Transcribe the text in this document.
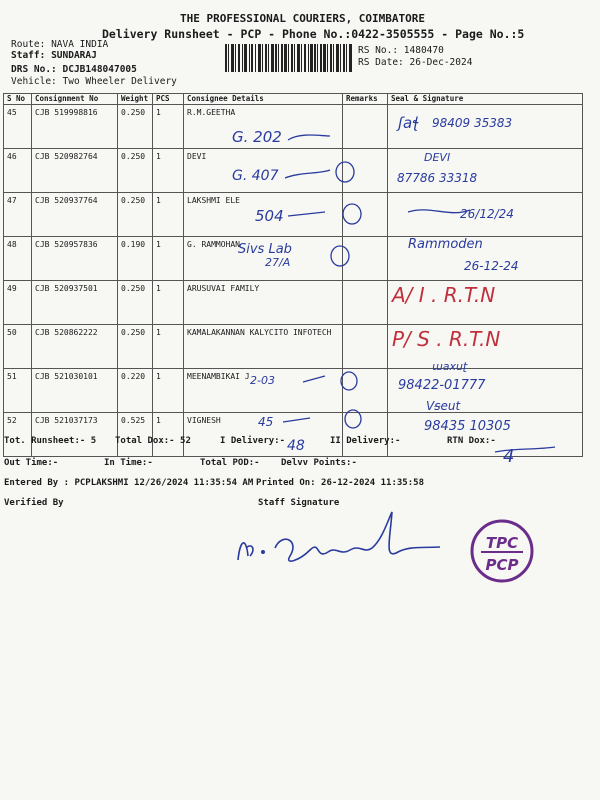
THE PROFESSIONAL COURIERS, COIMBATORE
Delivery Runsheet - PCP - Phone No.:0422-3505555 - Page No.:5
Route: NAVA INDIA
Staff: SUNDARAJ
DRS No.: DCJB148047005
Vehicle: Two Wheeler Delivery
RS No.: 1480470
RS Date: 26-Dec-2024
S No	Consignment No	Weight	PCS	Consignee Details	Remarks	Seal & Signature
45	CJB 519998816	0.250	1	R.M.GEETHA		
46	CJB 520982764	0.250	1	DEVI		
47	CJB 520937764	0.250	1	LAKSHMI ELE		
48	CJB 520957836	0.190	1	G. RAMMOHAN		
49	CJB 520937501	0.250	1	ARUSUVAI FAMILY		
50	CJB 520862222	0.250	1	KAMALAKANNAN KALYCITO INFOTECH		
51	CJB 521030101	0.220	1	MEENAMBIKAI J		
52	CJB 521037173	0.525	1	VIGNESH		
Tot. Runsheet:- 5 Total Dox:- 52	I Delivery:-	II Delivery:-	RTN Dox:-
Out Time:-	In Time:-	Total POD:- Delvv Points:-
Entered By : PCPLAKSHMI 12/26/2024 11:35:54 AM Printed On: 26-12-2024 11:35:58
Verified By	Staff Signature
G. 202
ʃaꞎ 98409 35383
G. 407
DEVI
87786 33318
504	26/12/24
Sivs Lab
27/A
Rammoden
26-12-24
A/ I . R.T.N
P/ S . R.T.N
2-03
ɯaxuʈ
98422-01777
45
Vꞩeut
98435 10305
48	4
TPC
PCP
